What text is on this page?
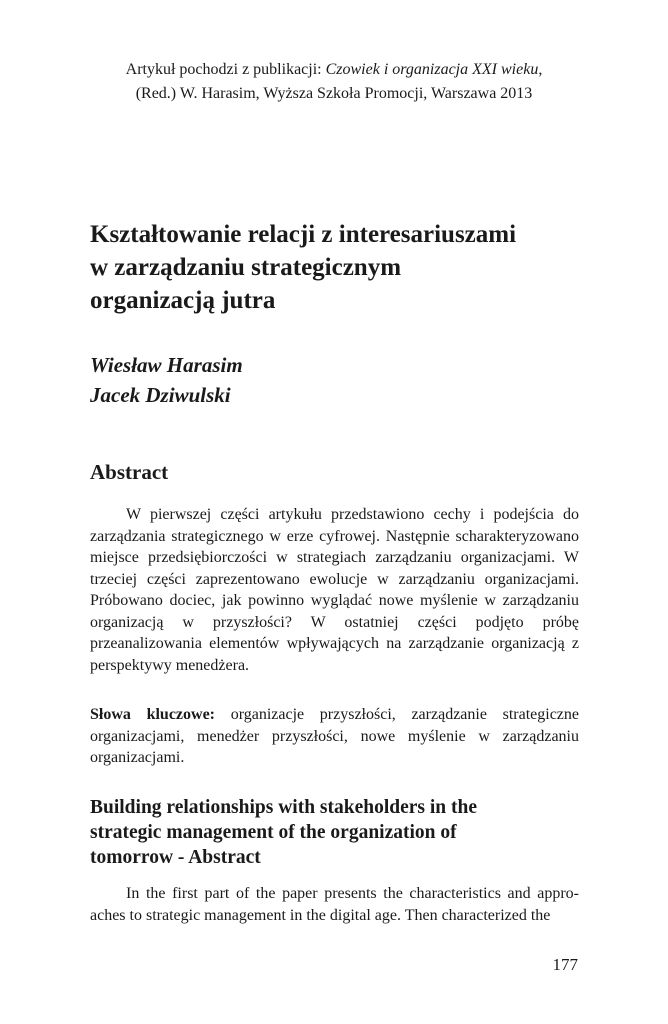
Artykuł pochodzi z publikacji: Czowiek i organizacja XXI wieku,
(Red.) W. Harasim, Wyższa Szkoła Promocji, Warszawa 2013
Kształtowanie relacji z interesariuszami
w zarządzaniu strategicznym
organizacją jutra
Wiesław Harasim
Jacek Dziwulski
Abstract

W pierwszej części artykułu przedstawiono cechy i podejścia do zarządzania strategicznego w erze cyfrowej. Następnie scharakteryzowano miejsce przedsiębiorczości w strategiach zarządzaniu organizacjami. W trzeciej części zaprezentowano ewolucje w zarządzaniu organizacjami. Próbowano dociec, jak powinno wyglądać nowe myślenie w zarządzaniu organizacją w przyszłości? W ostatniej części podjęto próbę przeanalizowania elementów wpływających na zarządzanie organizacją z perspektywy menedżera.

Słowa kluczowe: organizacje przyszłości, zarządzanie strategiczne organizacjami, menedżer przyszłości, nowe myślenie w zarządzaniu organizacjami.

Building relationships with stakeholders in the
strategic management of the organization of
tomorrow - Abstract

In the first part of the paper presents the characteristics and approaches to strategic management in the digital age. Then characterized the

177
